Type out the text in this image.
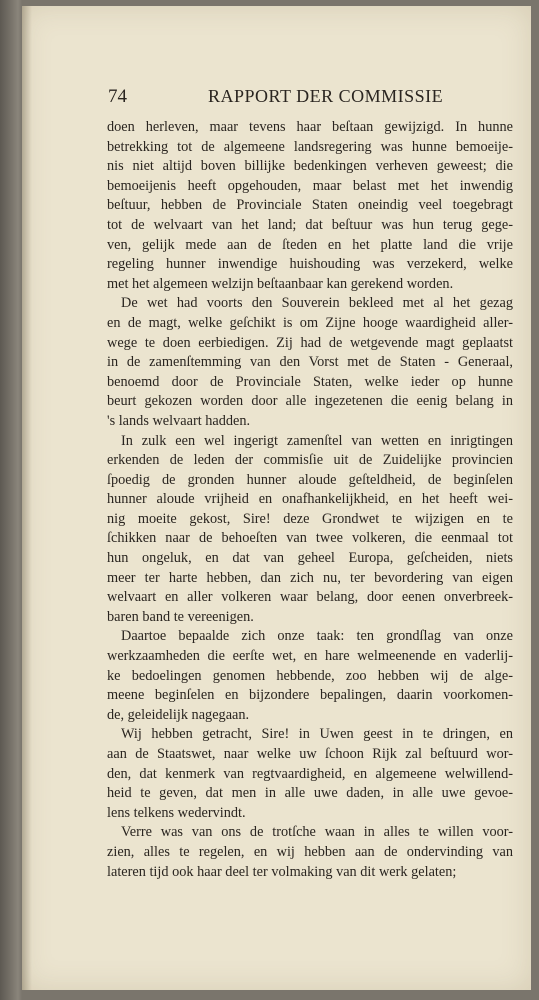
74	RAPPORT DER COMMISSIE
doen herleven, maar tevens haar beſtaan gewijzigd. In hunne
betrekking tot de algemeene landsregering was hunne bemoeije-
nis niet altijd boven billijke bedenkingen verheven geweest; die
bemoeijenis heeft opgehouden, maar belast met het inwendig
beſtuur, hebben de Provinciale Staten oneindig veel toegebragt
tot de welvaart van het land; dat beſtuur was hun terug gege-
ven, gelijk mede aan de ſteden en het platte land die vrije
regeling hunner inwendige huishouding was verzekerd, welke
met het algemeen welzijn beſtaanbaar kan gerekend worden.
De wet had voorts den Souverein bekleed met al het gezag
en de magt, welke geſchikt is om Zijne hooge waardigheid aller-
wege te doen eerbiedigen. Zij had de wetgevende magt geplaatst
in de zamenſtemming van den Vorst met de Staten - Generaal,
benoemd door de Provinciale Staten, welke ieder op hunne
beurt gekozen worden door alle ingezetenen die eenig belang in
's lands welvaart hadden.
In zulk een wel ingerigt zamenſtel van wetten en inrigtingen
erkenden de leden der commisſie uit de Zuidelijke provincien
ſpoedig de gronden hunner aloude geſteldheid, de beginſelen
hunner aloude vrijheid en onafhankelijkheid, en het heeft wei-
nig moeite gekost, Sire! deze Grondwet te wijzigen en te
ſchikken naar de behoeſten van twee volkeren, die eenmaal tot
hun ongeluk, en dat van geheel Europa, geſcheiden, niets
meer ter harte hebben, dan zich nu, ter bevordering van eigen
welvaart en aller volkeren waar belang, door eenen onverbreek-
baren band te vereenigen.
Daartoe bepaalde zich onze taak: ten grondſlag van onze
werkzaamheden die eerſte wet, en hare welmeenende en vaderlij-
ke bedoelingen genomen hebbende, zoo hebben wij de alge-
meene beginſelen en bijzondere bepalingen, daarin voorkomen-
de, geleidelijk nagegaan.
Wij hebben getracht, Sire! in Uwen geest in te dringen, en
aan de Staatswet, naar welke uw ſchoon Rijk zal beſtuurd wor-
den, dat kenmerk van regtvaardigheid, en algemeene welwillend-
heid te geven, dat men in alle uwe daden, in alle uwe gevoe-
lens telkens wedervindt.
Verre was van ons de trotſche waan in alles te willen voor-
zien, alles te regelen, en wij hebben aan de ondervinding van
lateren tijd ook haar deel ter volmaking van dit werk gelaten;
